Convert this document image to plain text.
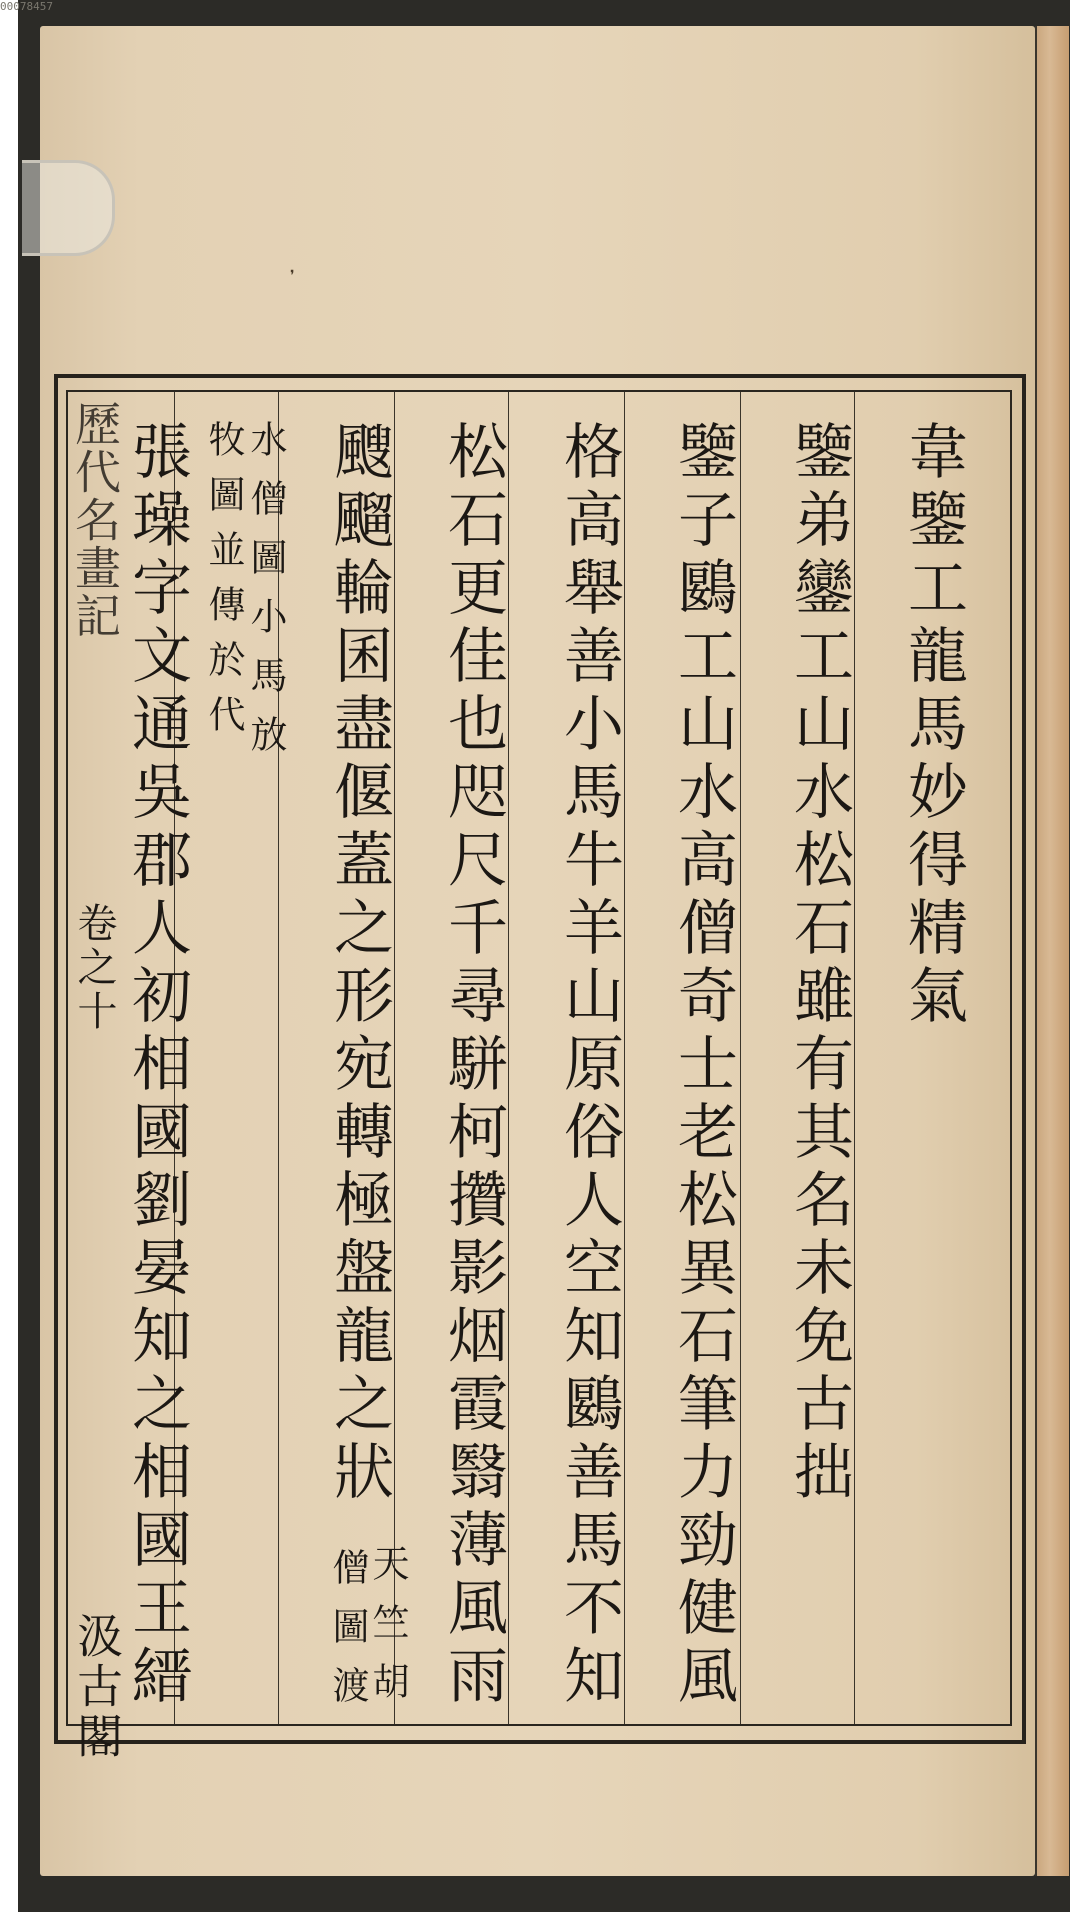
00078457
❜
韋鑒工龍馬妙得精氣
鑒弟鑾工山水松石雖有其名未免古拙
鑒子鶠工山水高僧奇士老松異石筆力勁健風
格高舉善小馬牛羊山原俗人空知鶠善馬不知
松石更佳也咫尺千尋駢柯攢影烟霞翳薄風雨
颼飀輪囷盡偃蓋之形宛轉極盤龍之狀
天竺胡
僧圖渡
水僧圖小馬放
牧圖並傳於代
張璪字文通吳郡人初相國劉晏知之相國王縉
歷代名畫記
卷之十
汲古閣
